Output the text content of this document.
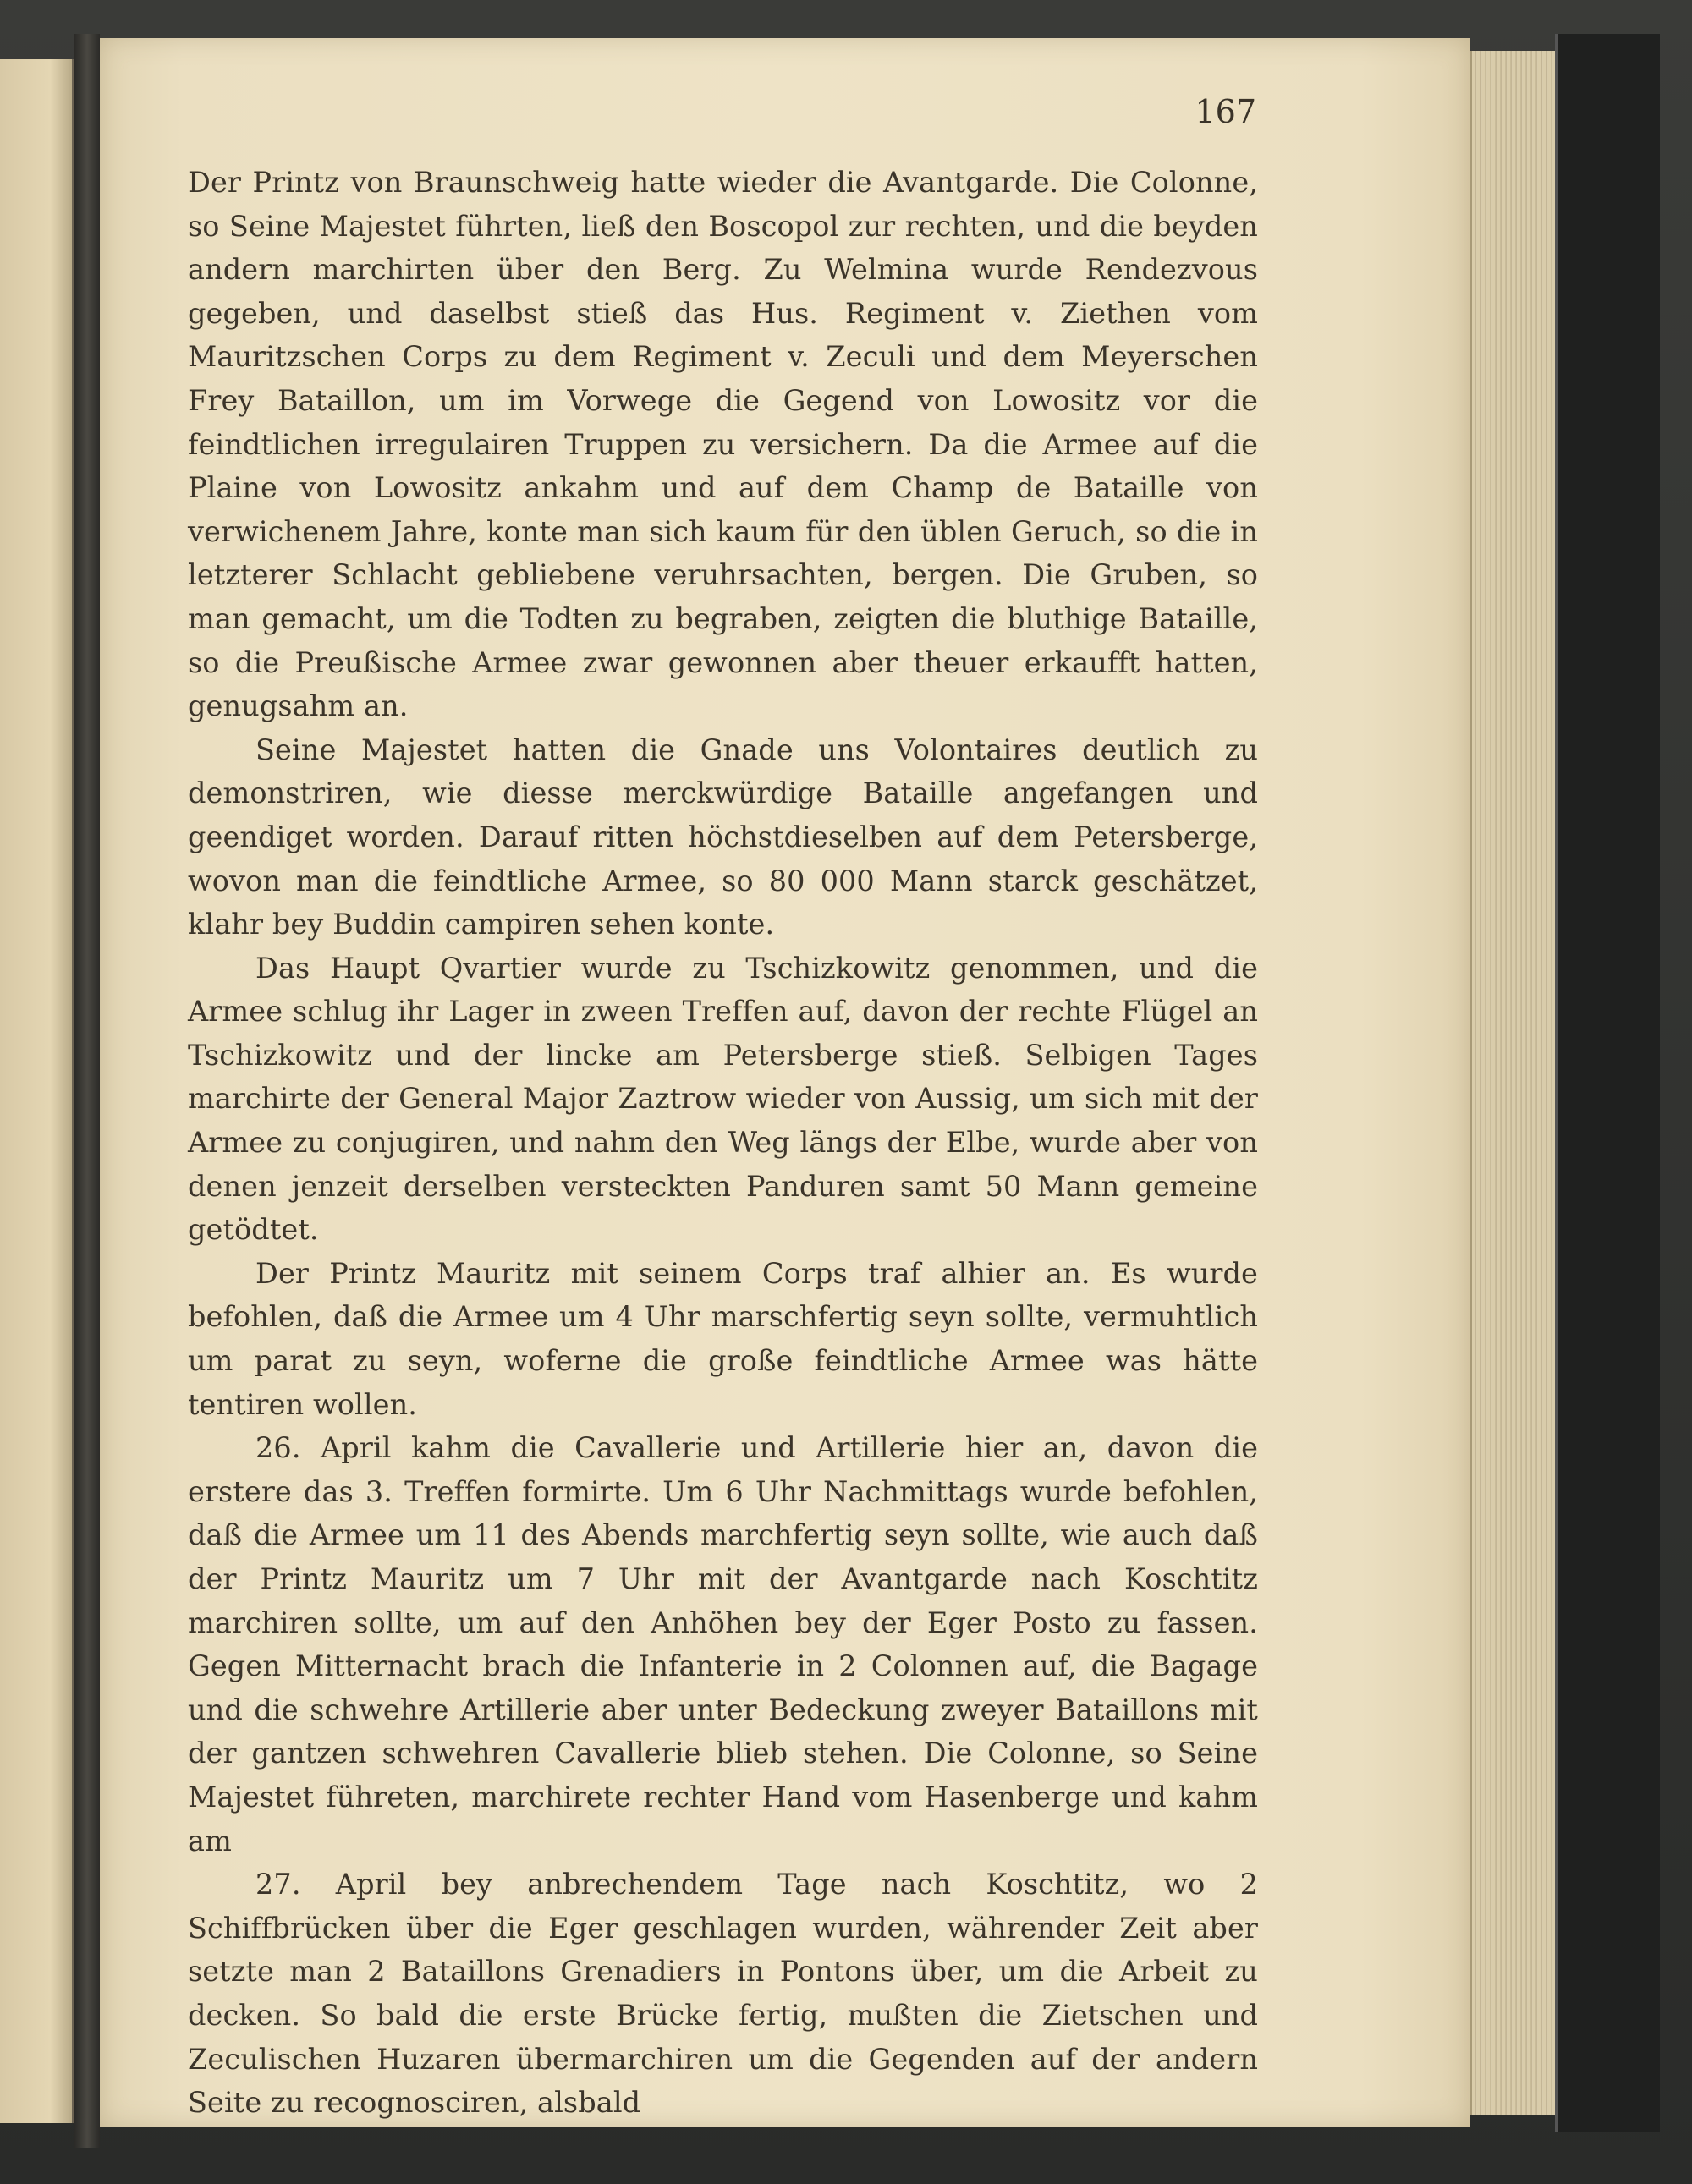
167

Der Printz von Braunschweig hatte wieder die Avantgarde. Die Colonne, so Seine Majestet führten, ließ den Boscopol zur rechten, und die beyden andern marchirten über den Berg. Zu Welmina wurde Rendezvous gegeben, und daselbst stieß das Hus. Regiment v. Ziethen vom Mauritzschen Corps zu dem Regiment v. Zeculi und dem Meyerschen Frey Bataillon, um im Vorwege die Gegend von Lowositz vor die feindtlichen irregulairen Truppen zu versichern. Da die Armee auf die Plaine von Lowositz ankahm und auf dem Champ de Bataille von verwichenem Jahre, konte man sich kaum für den üblen Geruch, so die in letzterer Schlacht gebliebene veruhrsachten, bergen. Die Gruben, so man gemacht, um die Todten zu begraben, zeigten die bluthige Bataille, so die Preußische Armee zwar gewonnen aber theuer erkaufft hatten, genugsahm an.

Seine Majestet hatten die Gnade uns Volontaires deutlich zu demonstriren, wie diesse merckwürdige Bataille angefangen und geendiget worden. Darauf ritten höchstdieselben auf dem Petersberge, wovon man die feindtliche Armee, so 80 000 Mann starck geschätzet, klahr bey Buddin campiren sehen konte.

Das Haupt Qvartier wurde zu Tschizkowitz genommen, und die Armee schlug ihr Lager in zween Treffen auf, davon der rechte Flügel an Tschizkowitz und der lincke am Petersberge stieß. Selbigen Tages marchirte der General Major Zaztrow wieder von Aussig, um sich mit der Armee zu conjugiren, und nahm den Weg längs der Elbe, wurde aber von denen jenzeit derselben versteckten Panduren samt 50 Mann gemeine getödtet.

Der Printz Mauritz mit seinem Corps traf alhier an. Es wurde befohlen, daß die Armee um 4 Uhr marschfertig seyn sollte, vermuhtlich um parat zu seyn, woferne die große feindtliche Armee was hätte tentiren wollen.

26. April kahm die Cavallerie und Artillerie hier an, davon die erstere das 3. Treffen formirte. Um 6 Uhr Nachmittags wurde befohlen, daß die Armee um 11 des Abends marchfertig seyn sollte, wie auch daß der Printz Mauritz um 7 Uhr mit der Avantgarde nach Koschtitz marchiren sollte, um auf den Anhöhen bey der Eger Posto zu fassen. Gegen Mitternacht brach die Infanterie in 2 Colonnen auf, die Bagage und die schwehre Artillerie aber unter Bedeckung zweyer Bataillons mit der gantzen schwehren Cavallerie blieb stehen. Die Colonne, so Seine Majestet führeten, marchirete rechter Hand vom Hasenberge und kahm am

27. April bey anbrechendem Tage nach Koschtitz, wo 2 Schiffbrücken über die Eger geschlagen wurden, währender Zeit aber setzte man 2 Bataillons Grenadiers in Pontons über, um die Arbeit zu decken. So bald die erste Brücke fertig, mußten die Zietschen und Zeculischen Huzaren übermarchiren um die Gegenden auf der andern Seite zu recognosciren, alsbald
